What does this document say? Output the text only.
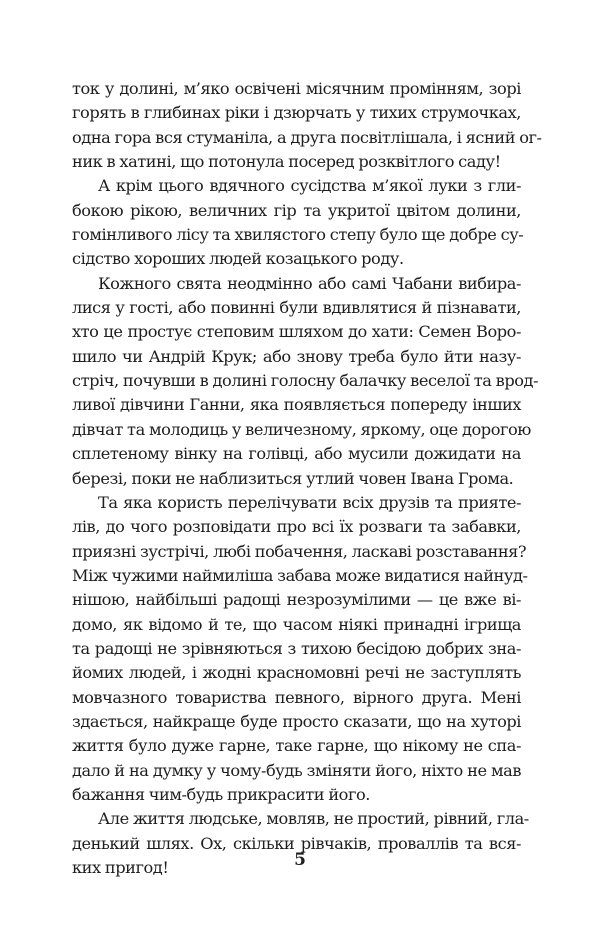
ток у долині, м’яко освічені місячним промінням, зорі
горять в глибинах ріки і дзюрчать у тихих струмочках,
одна гора вся стуманіла, а друга посвітлішала, і ясний ог-
ник в хатині, що потонула посеред розквітлого саду!
А крім цього вдячного сусідства м’якої луки з гли-
бокою рікою, величних гір та укритої цвітом долини,
гомінливого лісу та хвилястого степу було ще добре су-
сідство хороших людей козацького роду.
Кожного свята неодмінно або самі Чабани вибира-
лися у гості, або повинні були вдивлятися й пізнавати,
хто це простує степовим шляхом до хати: Семен Воро-
шило чи Андрій Крук; або знову треба було йти назу-
стріч, почувши в долині голосну балачку веселої та врод-
ливої дівчини Ганни, яка появляється попереду інших
дівчат та молодиць у величезному, яркому, оце дорогою
сплетеному вінку на голівці, або мусили дожидати на
березі, поки не наблизиться утлий човен Івана Грома.
Та яка користь перелічувати всіх друзів та прияте-
лів, до чого розповідати про всі їх розваги та забавки,
приязні зустрічі, любі побачення, ласкаві розставання?
Між чужими наймиліша забава може видатися найнуд-
нішою, найбільші радощі незрозумілими — це вже ві-
домо, як відомо й те, що часом ніякі принадні ігрища
та радощі не зрівняються з тихою бесідою добрих зна-
йомих людей, і жодні красномовні речі не заступлять
мовчазного товариства певного, вірного друга. Мені
здається, найкраще буде просто сказати, що на хуторі
життя було дуже гарне, таке гарне, що нікому не спа-
дало й на думку у чому-будь зміняти його, ніхто не мав
бажання чим-будь прикрасити його.
Але життя людське, мовляв, не простий, рівний, гла-
денький шлях. Ох, скільки рівчаків, проваллів та вся-
ких пригод!	5
